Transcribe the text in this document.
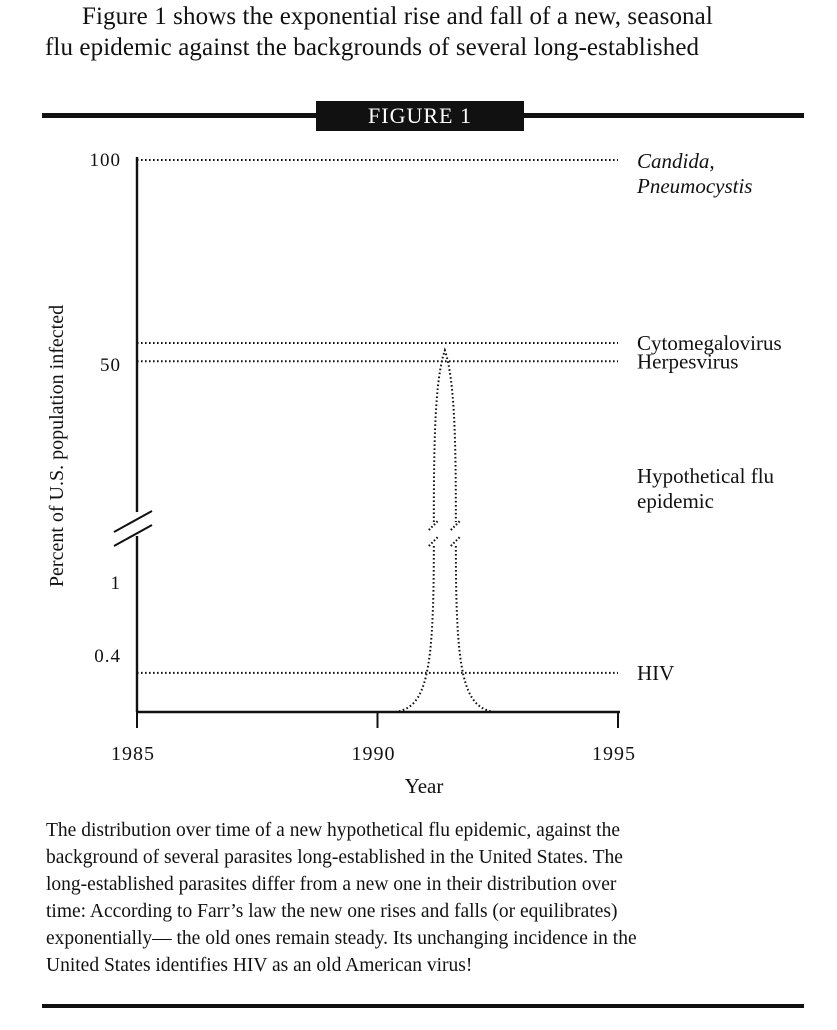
Figure 1 shows the exponential rise and fall of a new, seasonal
flu epidemic against the backgrounds of several long-established
FIGURE 1
1985	1990	1995
100
50
1
0.4
Year
Percent of U.S. population infected
Candida,
Pneumocystis
Cytomegalovirus
Herpesvirus
Hypothetical flu
epidemic
HIV
The distribution over time of a new hypothetical flu epidemic, against the
background of several parasites long-established in the United States. The
long-established parasites differ from a new one in their distribution over
time: According to Farr’s law the new one rises and falls (or equilibrates)
exponentially— the old ones remain steady. Its unchanging incidence in the
United States identifies HIV as an old American virus!
